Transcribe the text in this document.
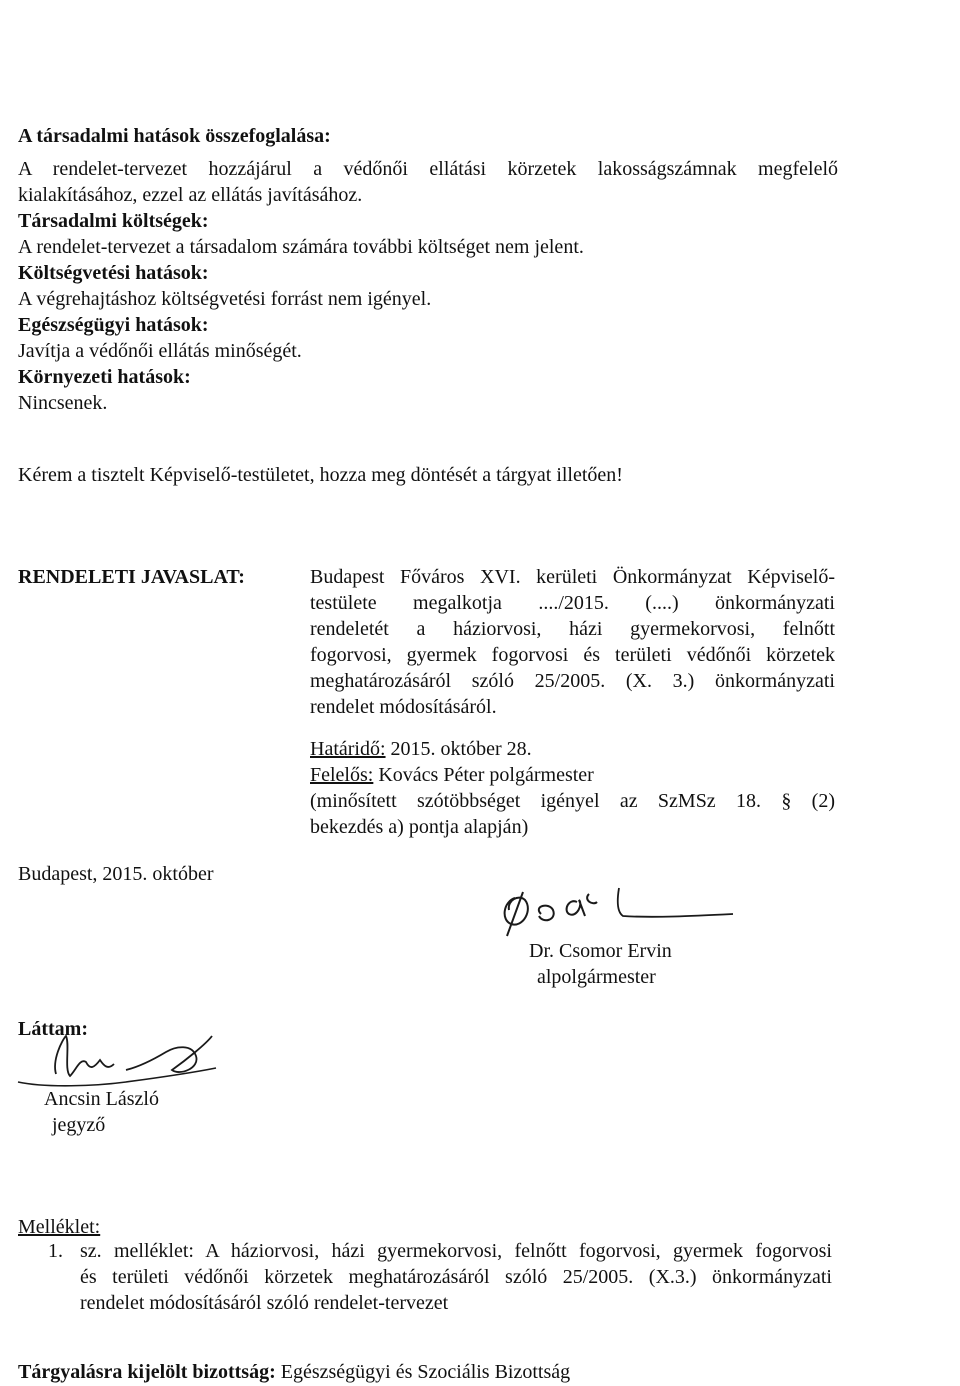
A társadalmi hatások összefoglalása:
A rendelet-tervezet hozzájárul a védőnői ellátási körzetek lakosságszámnak megfelelő
kialakításához, ezzel az ellátás javításához.
Társadalmi költségek:
A rendelet-tervezet a társadalom számára további költséget nem jelent.
Költségvetési hatások:
A végrehajtáshoz költségvetési forrást nem igényel.
Egészségügyi hatások:
Javítja a védőnői ellátás minőségét.
Környezeti hatások:
Nincsenek.
Kérem a tisztelt Képviselő-testületet, hozza meg döntését a tárgyat illetően!
RENDELETI JAVASLAT:	Budapest Főváros XVI. kerületi Önkormányzat Képviselő-
testülete megalkotja ..../2015. (....) önkormányzati
rendeletét a háziorvosi, házi gyermekorvosi, felnőtt
fogorvosi, gyermek fogorvosi és területi védőnői körzetek
meghatározásáról szóló 25/2005. (X. 3.) önkormányzati
rendelet módosításáról.
Határidő: 2015. október 28.
Felelős: Kovács Péter polgármester
(minősített szótöbbséget igényel az SzMSz 18. § (2)
bekezdés a) pontja alapján)
Budapest, 2015. október
Dr. Csomor Ervin
alpolgármester
Láttam:
Ancsin László
jegyző
Melléklet:
1. sz. melléklet: A háziorvosi, házi gyermekorvosi, felnőtt fogorvosi, gyermek fogorvosi
és területi védőnői körzetek meghatározásáról szóló 25/2005. (X.3.) önkormányzati
rendelet módosításáról szóló rendelet-tervezet
Tárgyalásra kijelölt bizottság: Egészségügyi és Szociális Bizottság
